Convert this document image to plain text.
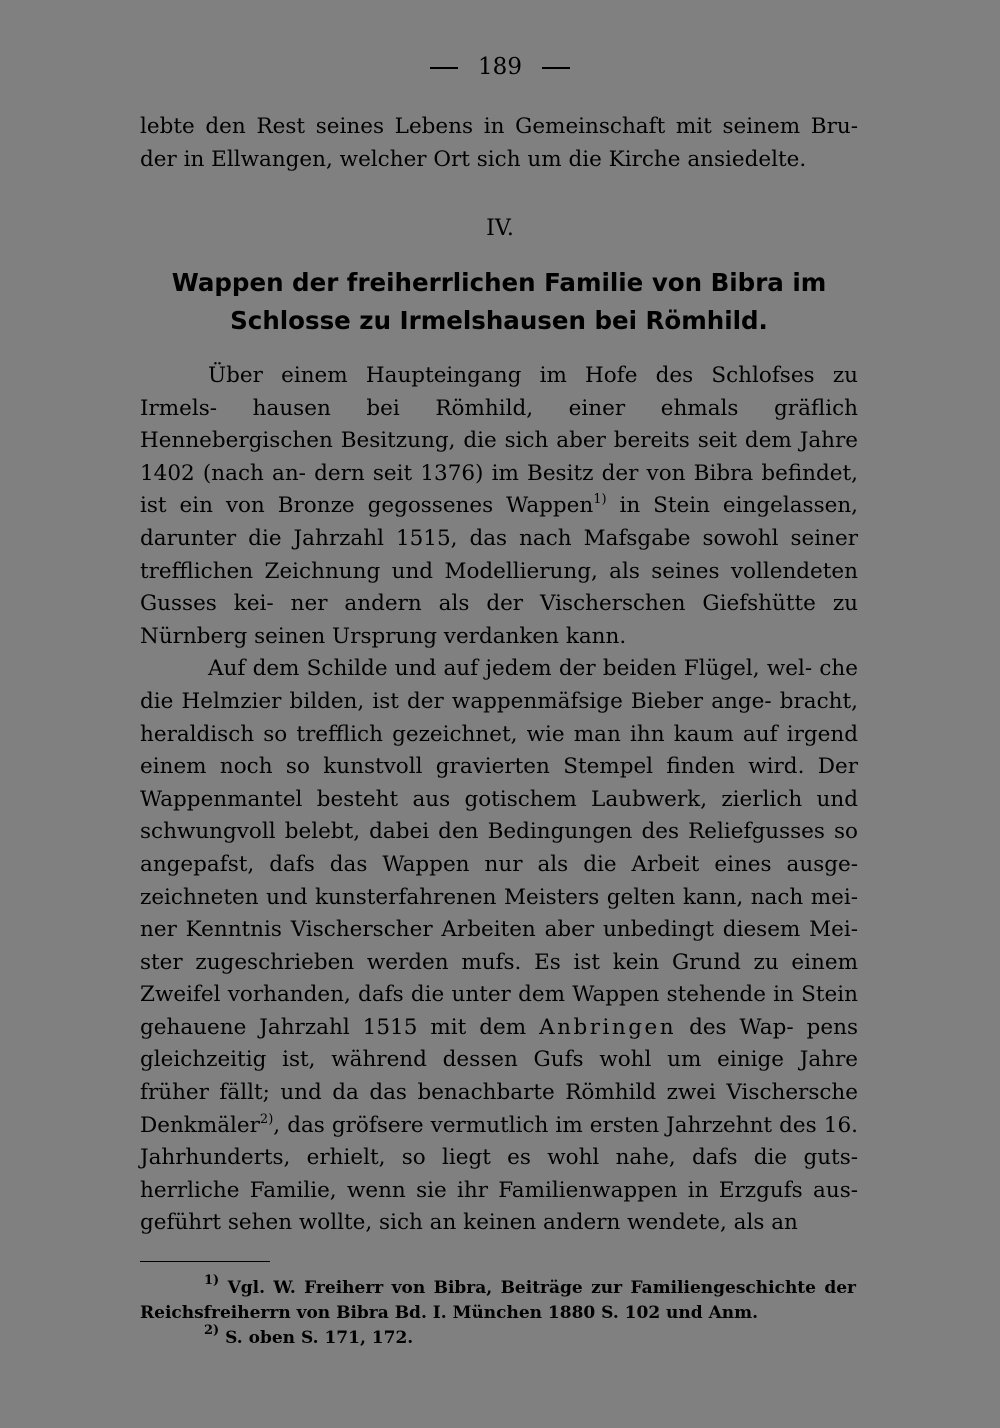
189

lebte den Rest seines Lebens in Gemeinschaft mit seinem Bru- der in Ellwangen, welcher Ort sich um die Kirche ansiedelte.

IV.
Wappen der freiherrlichen Familie von Bibra im
Schlosse zu Irmelshausen bei Römhild.

Über einem Haupteingang im Hofe des Schlofses zu Irmels- hausen bei Römhild, einer ehmals gräflich Hennebergischen Besitzung, die sich aber bereits seit dem Jahre 1402 (nach an- dern seit 1376) im Besitz der von Bibra befindet, ist ein von Bronze gegossenes Wappen$^{1)}$ in Stein eingelassen, darunter die Jahrzahl 1515, das nach Mafsgabe sowohl seiner trefflichen Zeichnung und Modellierung, als seines vollendeten Gusses kei- ner andern als der Vischerschen Giefshütte zu Nürnberg seinen Ursprung verdanken kann.

Auf dem Schilde und auf jedem der beiden Flügel, wel- che die Helmzier bilden, ist der wappenmäfsige Bieber ange- bracht, heraldisch so trefflich gezeichnet, wie man ihn kaum auf irgend einem noch so kunstvoll gravierten Stempel finden wird. Der Wappenmantel besteht aus gotischem Laubwerk, zierlich und schwungvoll belebt, dabei den Bedingungen des Reliefgusses so angepafst, dafs das Wappen nur als die Arbeit eines ausge- zeichneten und kunsterfahrenen Meisters gelten kann, nach mei- ner Kenntnis Vischerscher Arbeiten aber unbedingt diesem Mei- ster zugeschrieben werden mufs. Es ist kein Grund zu einem Zweifel vorhanden, dafs die unter dem Wappen stehende in Stein gehauene Jahrzahl 1515 mit dem Anbringen des Wap- pens gleichzeitig ist, während dessen Gufs wohl um einige Jahre früher fällt; und da das benachbarte Römhild zwei Vischersche Denkmäler$^{2)}$, das gröfsere vermutlich im ersten Jahrzehnt des 16. Jahrhunderts, erhielt, so liegt es wohl nahe, dafs die guts- herrliche Familie, wenn sie ihr Familienwappen in Erzgufs aus- geführt sehen wollte, sich an keinen andern wendete, als an

$^{1)}$ Vgl. W. Freiherr von Bibra, Beiträge zur Familiengeschichte der Reichsfreiherrn von Bibra Bd. I. München 1880 S. 102 und Anm.

$^{2)}$ S. oben S. 171, 172.
